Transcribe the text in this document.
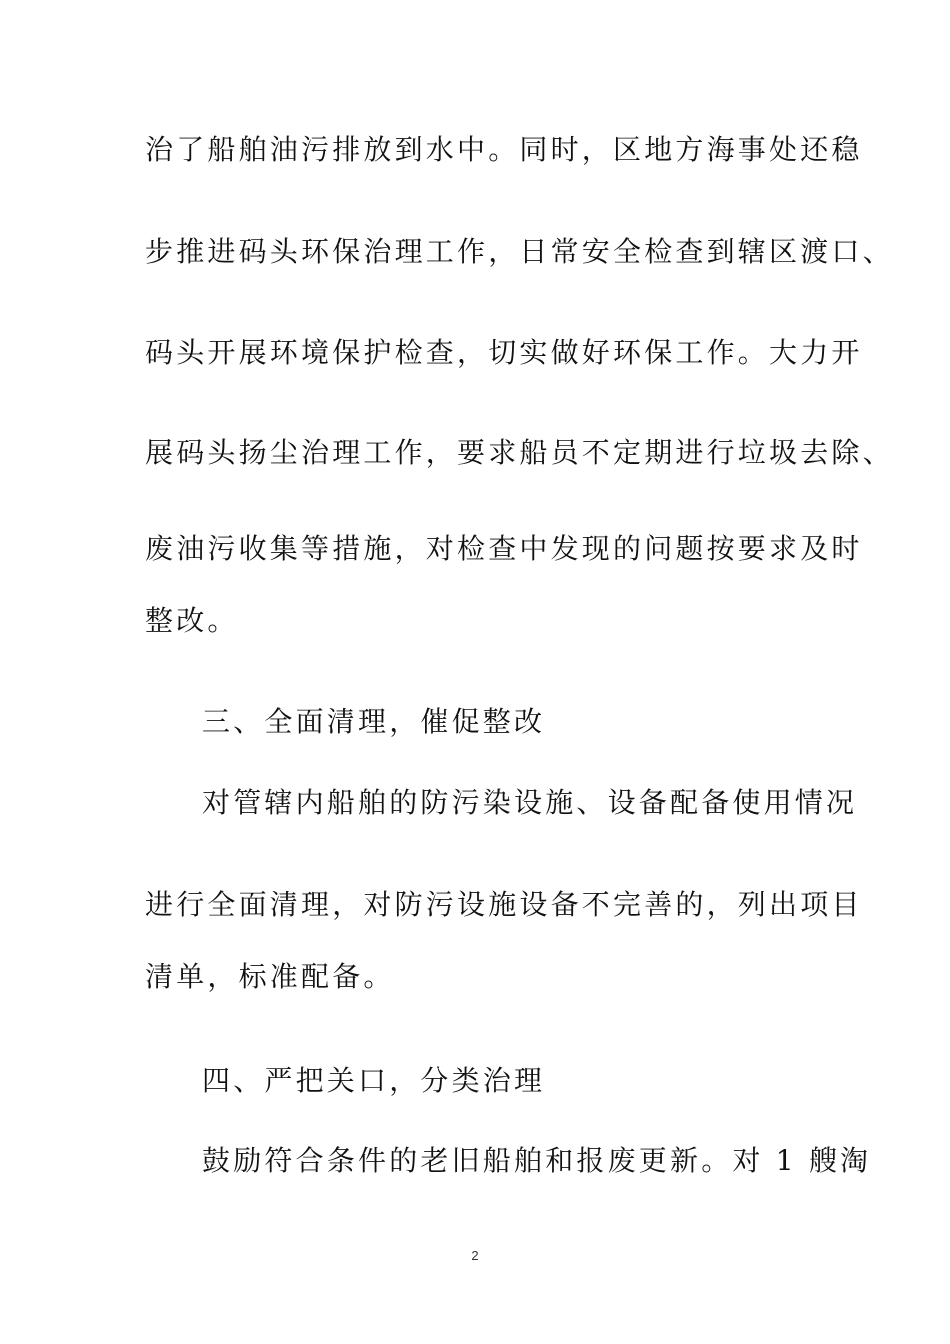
治了船舶油污排放到水中。同时，区地方海事处还稳
步推进码头环保治理工作，日常安全检查到辖区渡口、
码头开展环境保护检查，切实做好环保工作。大力开
展码头扬尘治理工作，要求船员不定期进行垃圾去除、
废油污收集等措施，对检查中发现的问题按要求及时
整改。
三、全面清理，催促整改
对管辖内船舶的防污染设施、设备配备使用情况
进行全面清理，对防污设施设备不完善的，列出项目
清单，标准配备。
四、严把关口，分类治理
鼓励符合条件的老旧船舶和报废更新。对 1 艘淘
2
